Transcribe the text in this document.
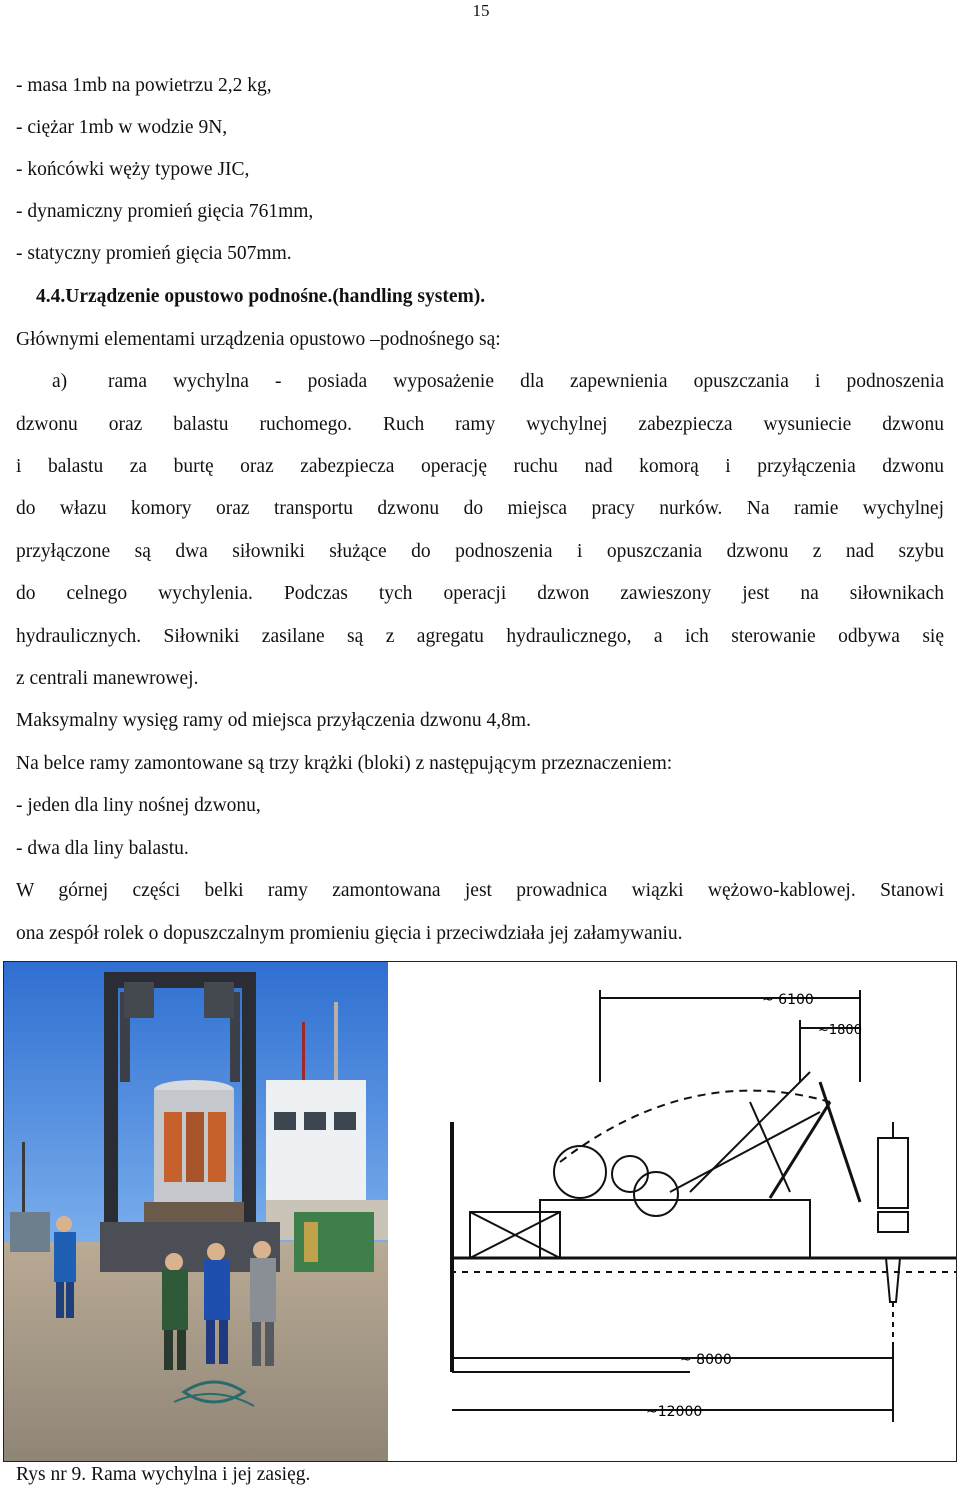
15
- masa 1mb na powietrzu 2,2 kg,
- ciężar 1mb w wodzie 9N,
- końcówki węży typowe JIC,
- dynamiczny promień gięcia 761mm,
- statyczny promień gięcia 507mm.
4.4.Urządzenie opustowo podnośne.(handling system).
Głównymi elementami urządzenia opustowo –podnośnego są:
a) rama wychylna - posiada wyposażenie dla zapewnienia opuszczania i podnoszenia
dzwonu oraz balastu ruchomego. Ruch ramy wychylnej zabezpiecza wysuniecie dzwonu
i balastu za burtę oraz zabezpiecza operację ruchu nad komorą i przyłączenia dzwonu
do włazu komory oraz transportu dzwonu do miejsca pracy nurków. Na ramie wychylnej
przyłączone są dwa siłowniki służące do podnoszenia i opuszczania dzwonu z nad szybu
do celnego wychylenia. Podczas tych operacji dzwon zawieszony jest na siłownikach
hydraulicznych. Siłowniki zasilane są z agregatu hydraulicznego, a ich sterowanie odbywa się
z centrali manewrowej.
Maksymalny wysięg ramy od miejsca przyłączenia dzwonu 4,8m.
Na belce ramy zamontowane są trzy krążki (bloki) z następującym przeznaczeniem:
- jeden dla liny nośnej dzwonu,
- dwa dla liny balastu.
W górnej części belki ramy zamontowana jest prowadnica wiązki wężowo-kablowej. Stanowi
ona zespół rolek o dopuszczalnym promieniu gięcia i przeciwdziała jej załamywaniu.
~ 6100
~1800
~ 8000
~12000
Rys nr 9. Rama wychylna i jej zasięg.
